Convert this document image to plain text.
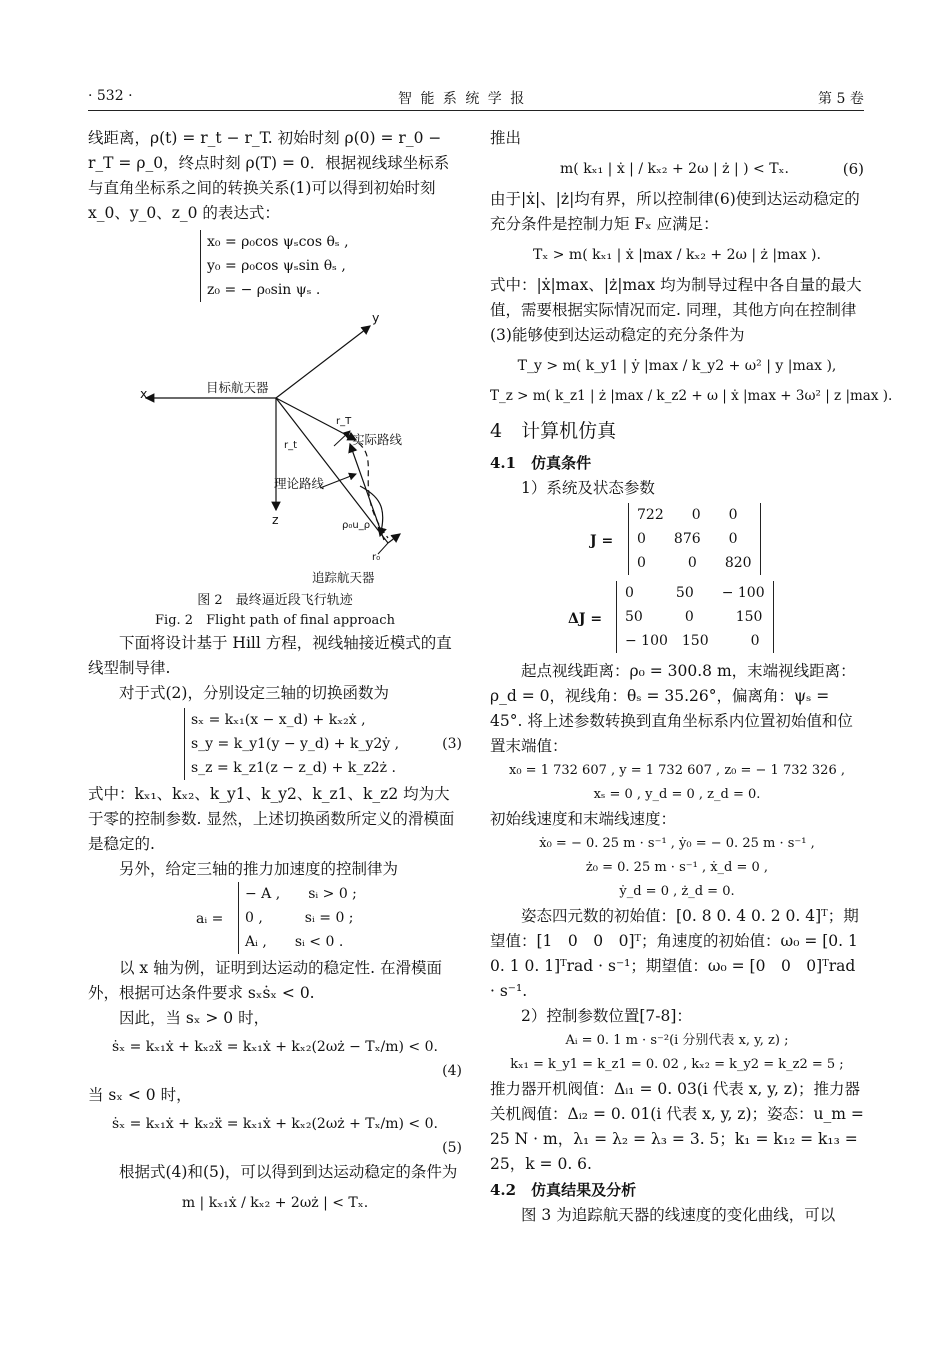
· 532 ·	智 能 系 统 学 报	第 5 卷

线距离，ρ(t) = r_t − r_T. 初始时刻 ρ(0) = r_0 − r_T = ρ_0，终点时刻 ρ(T) = 0．根据视线球坐标系与直角坐标系之间的转换关系(1)可以得到初始时刻 x_0、y_0、z_0 的表达式：

x₀ = ρ₀cos ψₛcos θₛ ,

y₀ = ρ₀cos ψₛsin θₛ ,

z₀ = − ρ₀sin ψₛ .

y
x
z
目标航天器
实际路线
理论路线
追踪航天器
r_T
r_t
ρ₀u_ρ
r₀

图 2　最终逼近段飞行轨迹

Fig. 2　Flight path of final approach

下面将设计基于 Hill 方程，视线轴接近模式的直线型制导律.

对于式(2)，分别设定三轴的切换函数为

(3)

sₓ = kₓ₁(x − x_d) + kₓ₂ẋ ,

s_y = k_y1(y − y_d) + k_y2ẏ ,

s_z = k_z1(z − z_d) + k_z2ż .

式中：kₓ₁、kₓ₂、k_y1、k_y2、k_z1、k_z2 均为大于零的控制参数. 显然，上述切换函数所定义的滑模面是稳定的.

另外，给定三轴的推力加速度的控制律为

aᵢ =

− A ,　　sᵢ > 0 ;

0 ,　　　sᵢ = 0 ;

Aᵢ ,　　sᵢ < 0 .

以 x 轴为例，证明到达运动的稳定性. 在滑模面外，根据可达条件要求 sₓṡₓ < 0.

因此，当 sₓ > 0 时，

ṡₓ = kₓ₁ẋ + kₓ₂ẍ = kₓ₁ẋ + kₓ₂(2ωż − Tₓ/m) < 0.

(4)

当 sₓ < 0 时，

ṡₓ = kₓ₁ẋ + kₓ₂ẍ = kₓ₁ẋ + kₓ₂(2ωż + Tₓ/m) < 0.

(5)

根据式(4)和(5)，可以得到到达运动稳定的条件为

m | kₓ₁ẋ / kₓ₂ + 2ωż | < Tₓ.

推出

(6)

m( kₓ₁ | ẋ | / kₓ₂ + 2ω | ż | ) < Tₓ.

由于|ẋ|、|ż|均有界，所以控制律(6)使到达运动稳定的充分条件是控制力矩 Fₓ 应满足：

Tₓ > m( kₓ₁ | ẋ |max / kₓ₂ + 2ω | ż |max ).

式中：|ẋ|max、|ż|max 均为制导过程中各自量的最大值，需要根据实际情况而定. 同理，其他方向在控制律(3)能够使到达运动稳定的充分条件为

T_y > m( k_y1 | ẏ |max / k_y2 + ω² | y |max ),

T_z > m( k_z1 | ż |max / k_z2 + ω | ẋ |max + 3ω² | z |max ).

4　计算机仿真

4.1　仿真条件

1）系统及状态参数

J =

722　　0　　0

0　　876　　0

0　　　0　　820

ΔJ =

0　　　50　　− 100

50　　　0　　　150

− 100　150　　　0

起点视线距离：ρ₀ = 300.8 m，末端视线距离：ρ_d = 0，视线角：θₛ = 35.26°，偏离角：ψₛ = 45°. 将上述参数转换到直角坐标系内位置初始值和位置末端值：

x₀ = 1 732 607 , y = 1 732 607 , z₀ = − 1 732 326 ,

xₛ = 0 , y_d = 0 , z_d = 0.

初始线速度和末端线速度：

ẋ₀ = − 0. 25 m · s⁻¹ , ẏ₀ = − 0. 25 m · s⁻¹ ,

ż₀ = 0. 25 m · s⁻¹ , ẋ_d = 0 ,

ẏ_d = 0 , ż_d = 0.

姿态四元数的初始值：[0. 8 0. 4 0. 2 0. 4]ᵀ；期望值：[1　0　0　0]ᵀ；角速度的初始值：ω₀ = [0. 1 0. 1 0. 1]ᵀrad · s⁻¹；期望值：ω₀ = [0　0　0]ᵀrad · s⁻¹.

2）控制参数位置[7-8]：

Aᵢ = 0. 1 m · s⁻²(i 分别代表 x, y, z) ;

kₓ₁ = k_y1 = k_z1 = 0. 02 , kₓ₂ = k_y2 = k_z2 = 5 ;

推力器开机阀值：Δᵢ₁ = 0. 03(i 代表 x, y, z)；推力器关机阀值：Δᵢ₂ = 0. 01(i 代表 x, y, z)；姿态：u_m = 25 N · m，λ₁ = λ₂ = λ₃ = 3. 5；k₁ = k₁₂ = k₁₃ = 25，k = 0. 6.

4.2　仿真结果及分析

图 3 为追踪航天器的线速度的变化曲线，可以
